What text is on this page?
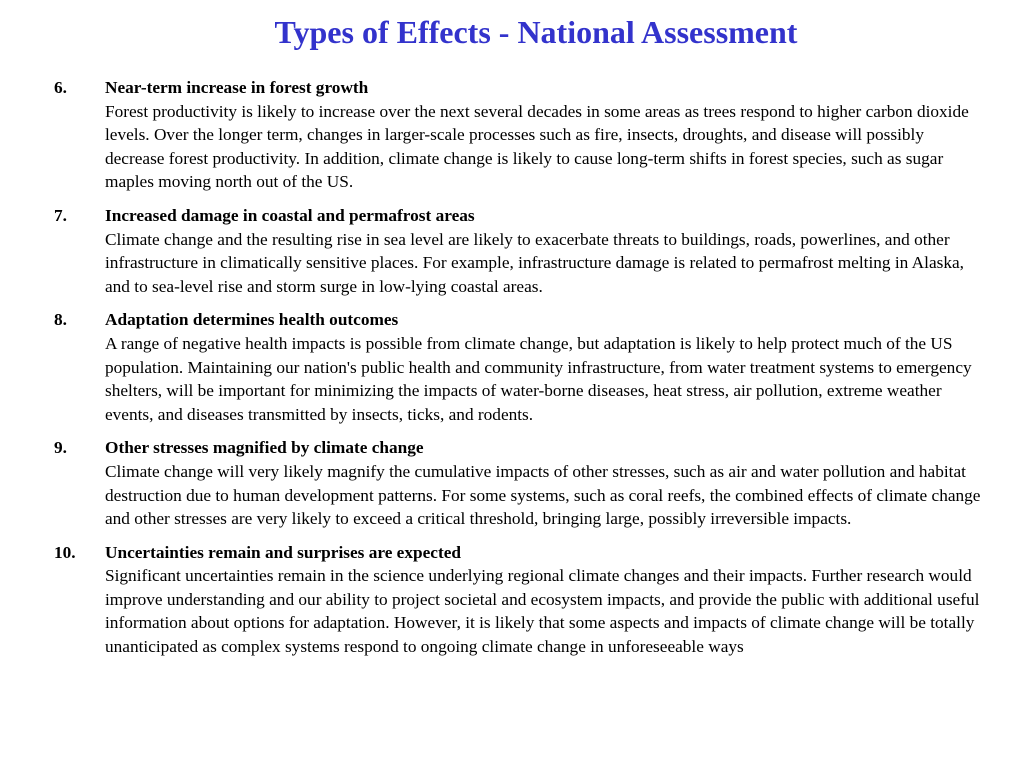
Types of Effects - National Assessment
6.	Near-term increase in forest growth
Forest productivity is likely to increase over the next several decades in some areas as trees respond to higher carbon dioxide levels. Over the longer term, changes in larger-scale processes such as fire, insects, droughts, and disease will possibly decrease forest productivity. In addition, climate change is likely to cause long-term shifts in forest species, such as sugar maples moving north out of the US.
7.	Increased damage in coastal and permafrost areas
Climate change and the resulting rise in sea level are likely to exacerbate threats to buildings, roads, powerlines, and other infrastructure in climatically sensitive places. For example, infrastructure damage is related to permafrost melting in Alaska, and to sea-level rise and storm surge in low-lying coastal areas.
8.	Adaptation determines health outcomes
A range of negative health impacts is possible from climate change, but adaptation is likely to help protect much of the US population. Maintaining our nation's public health and community infrastructure, from water treatment systems to emergency shelters, will be important for minimizing the impacts of water-borne diseases, heat stress, air pollution, extreme weather events, and diseases transmitted by insects, ticks, and rodents.
9.	Other stresses magnified by climate change
Climate change will very likely magnify the cumulative impacts of other stresses, such as air and water pollution and habitat destruction due to human development patterns. For some systems, such as coral reefs, the combined effects of climate change and other stresses are very likely to exceed a critical threshold, bringing large, possibly irreversible impacts.
10.	Uncertainties remain and surprises are expected
Significant uncertainties remain in the science underlying regional climate changes and their impacts. Further research would improve understanding and our ability to project societal and ecosystem impacts, and provide the public with additional useful information about options for adaptation. However, it is likely that some aspects and impacts of climate change will be totally unanticipated as complex systems respond to ongoing climate change in unforeseeable ways
